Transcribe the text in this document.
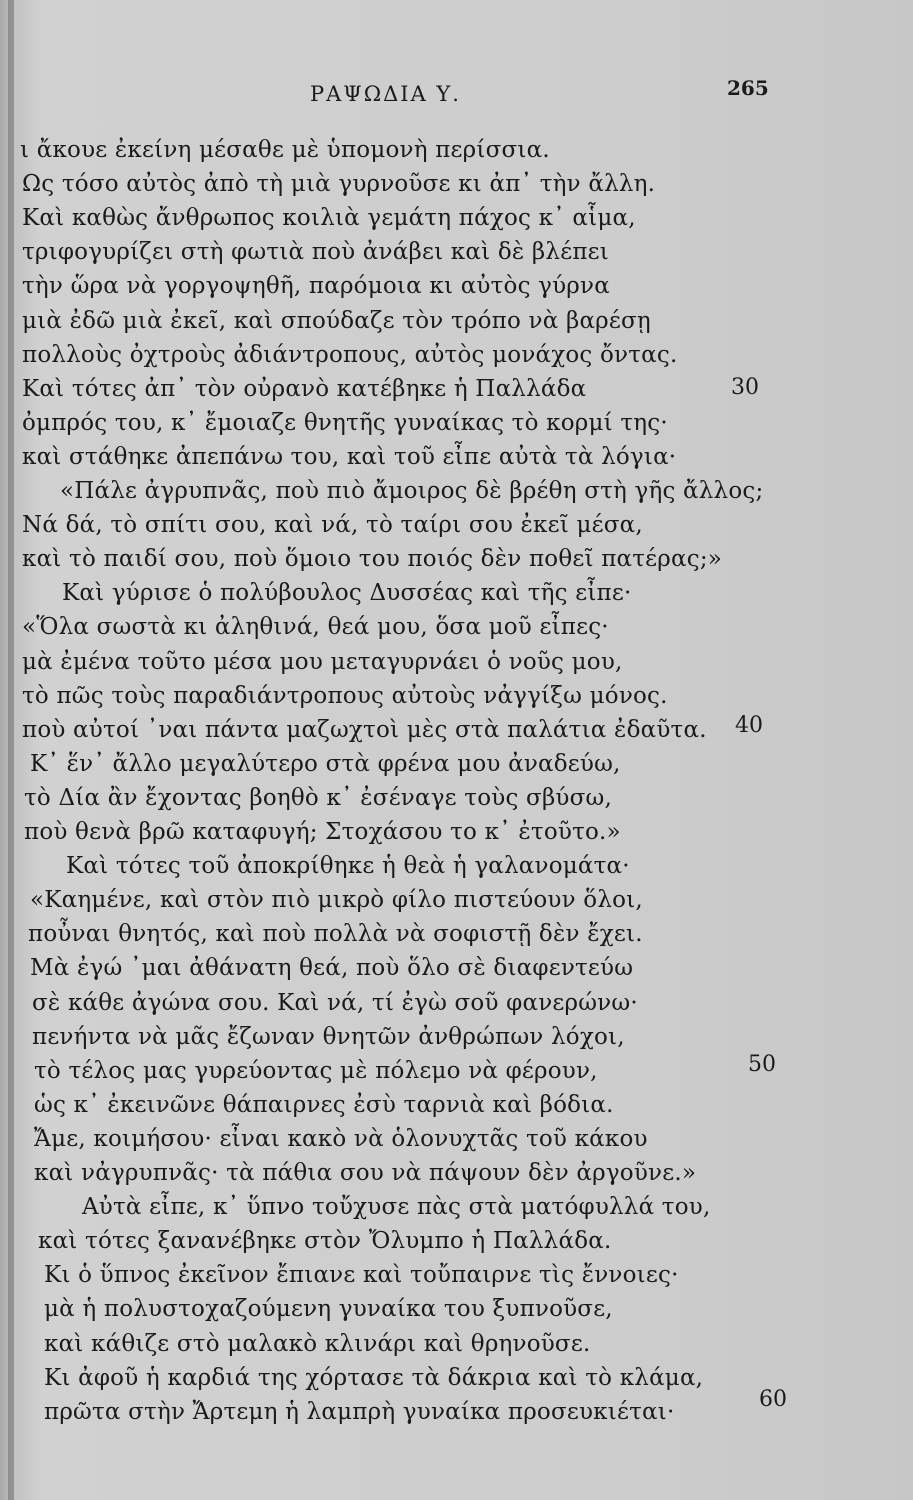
ΡΑΨΩΔΙΑ Υ.	265
ι ἄκουε ἐκείνη μέσαθε μὲ ὑπομονὴ περίσσια.
Ως τόσο αὐτὸς ἀπὸ τὴ μιὰ γυρνοῦσε κι ἀπ᾽ τὴν ἄλλη.
Καὶ καθὼς ἄνθρωπος κοιλιὰ γεμάτη πάχος κ᾽ αἷμα,
τριφογυρίζει στὴ φωτιὰ ποὺ ἀνάβει καὶ δὲ βλέπει
τὴν ὥρα νὰ γοργοψηθῆ, παρόμοια κι αὐτὸς γύρνα
μιὰ ἐδῶ μιὰ ἐκεῖ, καὶ σπούδαζε τὸν τρόπο νὰ βαρέσῃ
πολλοὺς ὀχτροὺς ἀδιάντροπους, αὐτὸς μονάχος ὄντας.
Καὶ τότες ἀπ᾽ τὸν οὐρανὸ κατέβηκε ἡ Παλλάδα
ὀμπρός του, κ᾽ ἔμοιαζε θνητῆς γυναίκας τὸ κορμί της·
καὶ στάθηκε ἀπεπάνω του, καὶ τοῦ εἶπε αὐτὰ τὰ λόγια·
«Πάλε ἀγρυπνᾶς, ποὺ πιὸ ἄμοιρος δὲ βρέθη στὴ γῆς ἄλλος;
Νά δά, τὸ σπίτι σου, καὶ νά, τὸ ταίρι σου ἐκεῖ μέσα,
καὶ τὸ παιδί σου, ποὺ ὅμοιο του ποιός δὲν ποθεῖ πατέρας;»
Καὶ γύρισε ὁ πολύβουλος Δυσσέας καὶ τῆς εἶπε·
«Ὅλα σωστὰ κι ἀληθινά, θεά μου, ὅσα μοῦ εἶπες·
μὰ ἐμένα τοῦτο μέσα μου μεταγυρνάει ὁ νοῦς μου,
τὸ πῶς τοὺς παραδιάντροπους αὐτοὺς νἀγγίξω μόνος.
ποὺ αὐτοί ᾽ναι πάντα μαζωχτοὶ μὲς στὰ παλάτια ἐδαῦτα.
Κ᾽ ἕν᾽ ἄλλο μεγαλύτερο στὰ φρένα μου ἀναδεύω,
τὸ Δία ἂν ἔχοντας βοηθὸ κ᾽ ἐσέναγε τοὺς σβύσω,
ποὺ θενὰ βρῶ καταφυγή; Στοχάσου το κ᾽ ἐτοῦτο.»
Καὶ τότες τοῦ ἀποκρίθηκε ἡ θεὰ ἡ γαλανομάτα·
«Καημένε, καὶ στὸν πιὸ μικρὸ φίλο πιστεύουν ὅλοι,
ποὖναι θνητός, καὶ ποὺ πολλὰ νὰ σοφιστῇ δὲν ἔχει.
Μὰ ἐγώ ᾽μαι ἀθάνατη θεά, ποὺ ὅλο σὲ διαφεντεύω
σὲ κάθε ἀγώνα σου. Καὶ νά, τί ἐγὼ σοῦ φανερώνω·
πενήντα νὰ μᾶς ἔζωναν θνητῶν ἀνθρώπων λόχοι,
τὸ τέλος μας γυρεύοντας μὲ πόλεμο νὰ φέρουν,
ὡς κ᾽ ἐκεινῶνε θάπαιρνες ἐσὺ ταρνιὰ καὶ βόδια.
Ἄμε, κοιμήσου· εἶναι κακὸ νὰ ὁλονυχτᾶς τοῦ κάκου
καὶ νἀγρυπνᾶς· τὰ πάθια σου νὰ πάψουν δὲν ἀργοῦνε.»
Αὐτὰ εἶπε, κ᾽ ὕπνο τοὔχυσε πὰς στὰ ματόφυλλά του,
καὶ τότες ξανανέβηκε στὸν Ὄλυμπο ἡ Παλλάδα.
Κι ὁ ὕπνος ἐκεῖνον ἔπιανε καὶ τοὔπαιρνε τὶς ἔννοιες·
μὰ ἡ πολυστοχαζούμενη γυναίκα του ξυπνοῦσε,
καὶ κάθιζε στὸ μαλακὸ κλινάρι καὶ θρηνοῦσε.
Κι ἀφοῦ ἡ καρδιά της χόρτασε τὰ δάκρια καὶ τὸ κλάμα,
πρῶτα στὴν Ἄρτεμη ἡ λαμπρὴ γυναίκα προσευκιέται·
30
40
50
60
